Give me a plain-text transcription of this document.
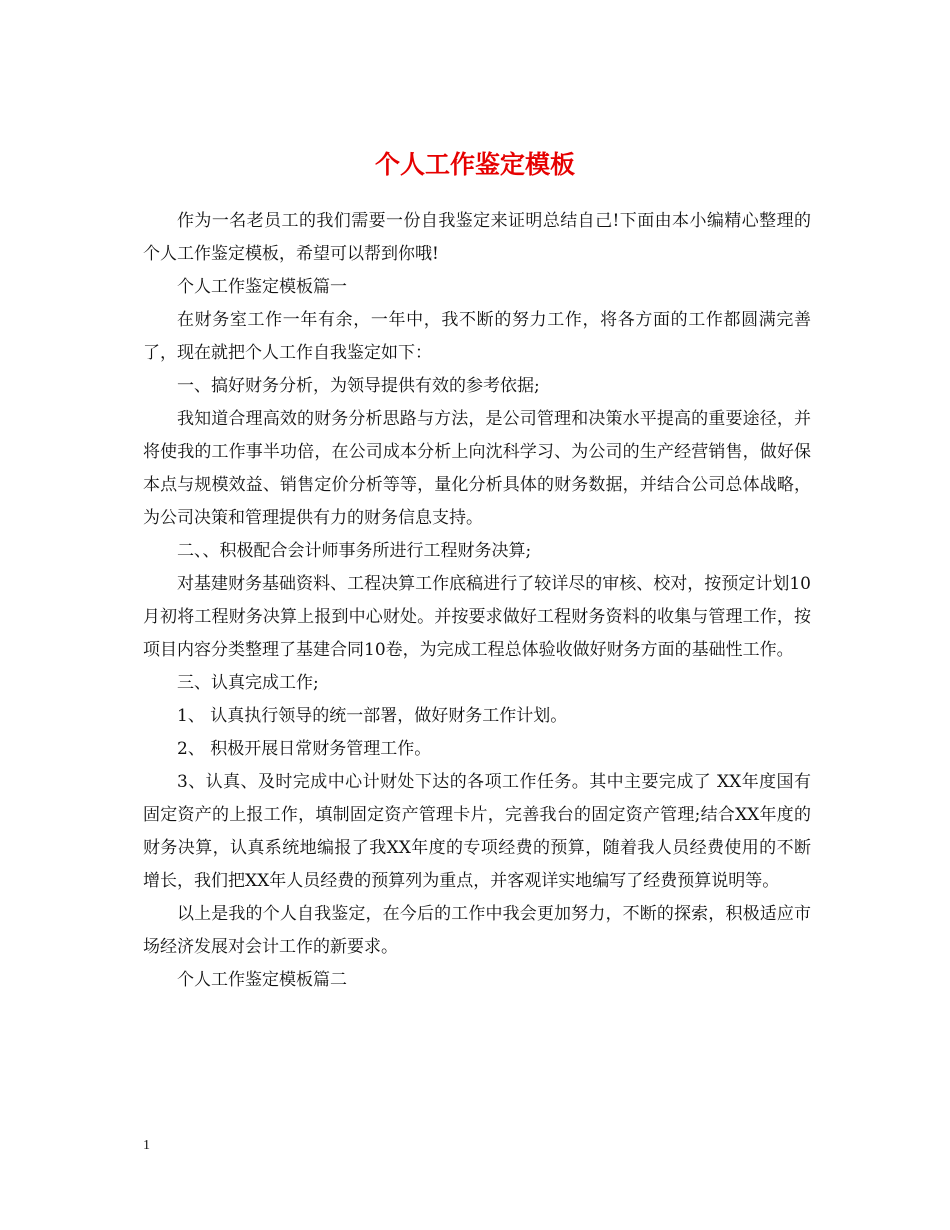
个人工作鉴定模板

作为一名老员工的我们需要一份自我鉴定来证明总结自己!下面由本小编精心整理的个人工作鉴定模板，希望可以帮到你哦!

个人工作鉴定模板篇一

在财务室工作一年有余，一年中，我不断的努力工作，将各方面的工作都圆满完善了，现在就把个人工作自我鉴定如下：

一、搞好财务分析，为领导提供有效的参考依据;

我知道合理高效的财务分析思路与方法，是公司管理和决策水平提高的重要途径，并将使我的工作事半功倍，在公司成本分析上向沈科学习、为公司的生产经营销售，做好保本点与规模效益、销售定价分析等等，量化分析具体的财务数据，并结合公司总体战略，为公司决策和管理提供有力的财务信息支持。

二、、积极配合会计师事务所进行工程财务决算;

对基建财务基础资料、工程决算工作底稿进行了较详尽的审核、校对，按预定计划10月初将工程财务决算上报到中心财处。并按要求做好工程财务资料的收集与管理工作，按项目内容分类整理了基建合同10卷，为完成工程总体验收做好财务方面的基础性工作。

三、认真完成工作;

1、 认真执行领导的统一部署，做好财务工作计划。

2、 积极开展日常财务管理工作。

3、认真、及时完成中心计财处下达的各项工作任务。其中主要完成了 XX年度国有固定资产的上报工作，填制固定资产管理卡片，完善我台的固定资产管理;结合XX年度的财务决算，认真系统地编报了我XX年度的专项经费的预算，随着我人员经费使用的不断增长，我们把XX年人员经费的预算列为重点，并客观详实地编写了经费预算说明等。

以上是我的个人自我鉴定，在今后的工作中我会更加努力，不断的探索，积极适应市场经济发展对会计工作的新要求。

个人工作鉴定模板篇二

1
